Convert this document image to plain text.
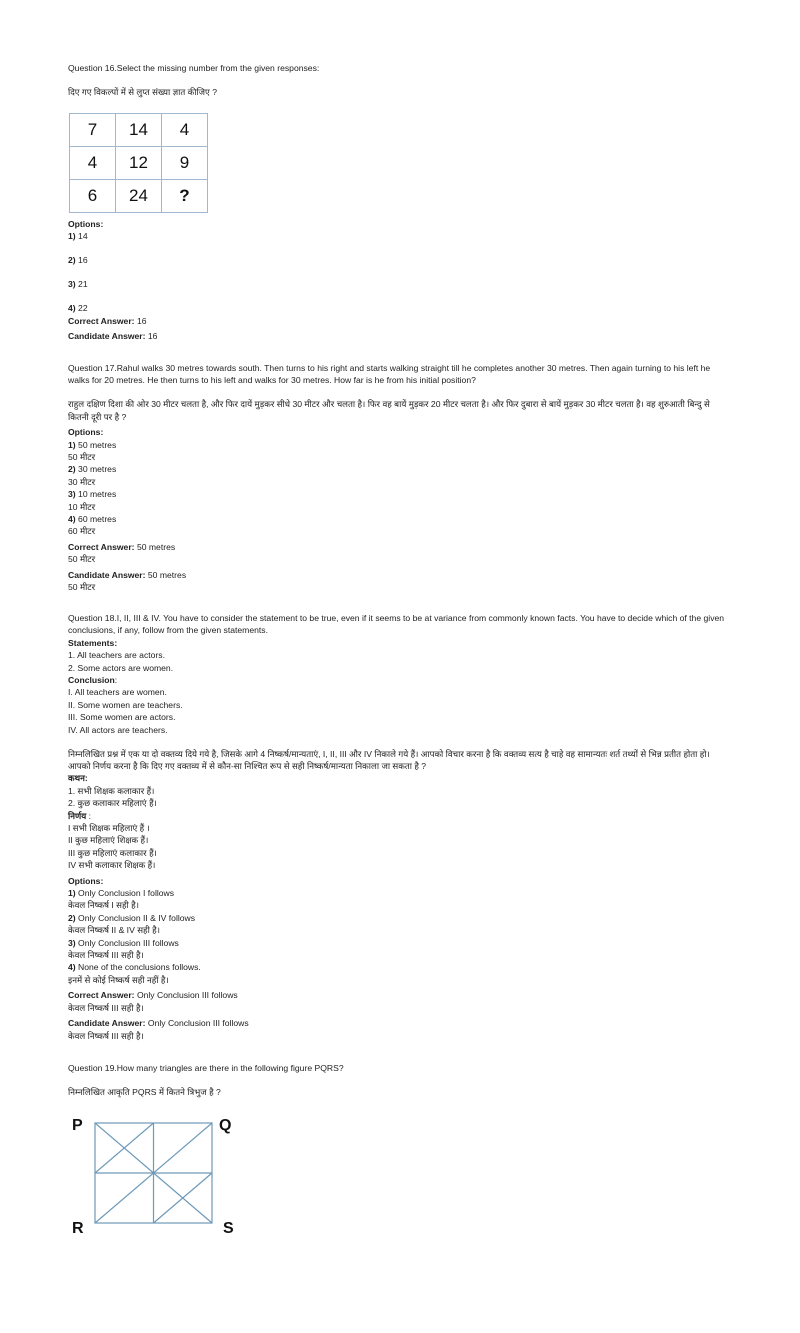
Question 16.Select the missing number from the given responses:

दिए गए विकल्पों में से लुप्त संख्या ज्ञात कीजिए ?

7	14	4
4	12	9
6	24	?

Options:

1) 14

2) 16

3) 21

4) 22

Correct Answer: 16

Candidate Answer: 16

Question 17.Rahul walks 30 metres towards south. Then turns to his right and starts walking straight till he completes another 30 metres. Then again turning to his left he walks for 20 metres. He then turns to his left and walks for 30 metres. How far is he from his initial position?

राहुल दक्षिण दिशा की ओर 30 मीटर चलता है, और फिर दायें मुड़कर सीधे 30 मीटर और चलता है। फिर वह बायें मुड़कर 20 मीटर चलता है। और फिर दुबारा से बायें मुड़कर 30 मीटर चलता है। वह शुरुआती बिन्दु से कितनी दूरी पर है ?

Options:

1) 50 metres

50 मीटर

2) 30 metres

30 मीटर

3) 10 metres

10 मीटर

4) 60 metres

60 मीटर

Correct Answer: 50 metres

50 मीटर

Candidate Answer: 50 metres

50 मीटर

Question 18.I, II, III & IV. You have to consider the statement to be true, even if it seems to be at variance from commonly known facts. You have to decide which of the given conclusions, if any, follow from the given statements.

Statements:

1. All teachers are actors.

2. Some actors are women.

Conclusion:

I. All teachers are women.

II. Some women are teachers.

III. Some women are actors.

IV. All actors are teachers.

निम्नलिखित प्रश्न में एक या दो वक्तव्य दिये गये है, जिसके आगे 4 निष्कर्ष/मान्यताएं, I, II, III और IV निकाले गये हैं। आपको विचार करना है कि वक्तव्य सत्य है चाहे वह सामान्यतः शर्त तथ्यों से भिन्न प्रतीत होता हो। आपको निर्णय करना है कि दिए गए वक्तव्य में से कौन-सा निश्चित रूप से सही निष्कर्ष/मान्यता निकाला जा सकता है ?

कथन:

1. सभी शिक्षक कलाकार हैं।

2. कुछ कलाकार महिलाएं हैं।

निर्णय :

I सभी शिक्षक महिलाएं हैं ।

II कुछ महिलाएं शिक्षक हैं।

III कुछ महिलाएं कलाकार हैं।

IV सभी कलाकार शिक्षक हैं।

Options:

1) Only Conclusion I follows

केवल निष्कर्ष I सही है।

2) Only Conclusion II & IV follows

केवल निष्कर्ष II & IV सही है।

3) Only Conclusion III follows

केवल निष्कर्ष III सही है।

4) None of the conclusions follows.

इनमें से कोई निष्कर्ष सही नहीं है।

Correct Answer: Only Conclusion III follows

केवल निष्कर्ष III सही है।

Candidate Answer: Only Conclusion III follows

केवल निष्कर्ष III सही है।

Question 19.How many triangles are there in the following figure PQRS?

निम्नलिखित आकृति PQRS में कितने त्रिभुज है ?

P	Q
R	S
